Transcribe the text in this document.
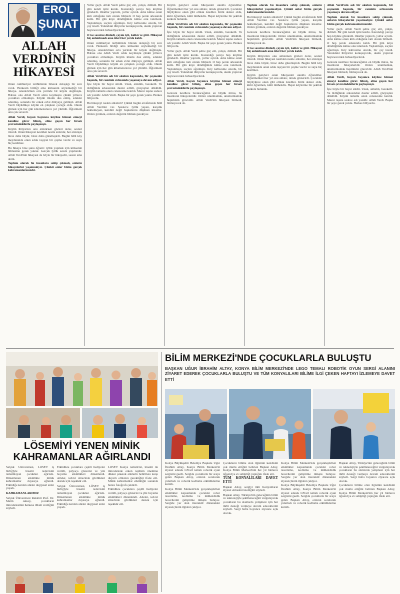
EROL
ŞUNAT
ALLAH VERDİNİN HİKAYESİ

Onun cumhuriyet tarihimizde bilerek dolaştığı bir sırrı vardı. Herkesin bildiği ama kimsenin söylemediği bir hikaye. Anadolu'nun orta yerinde bir köyde doğmuştu. Babası ona Allah Verdi adını koymuştu çünkü yıllarca çocukları olmamıştı. Köyün imamı dua etmiş, adaklar adanmış, sonunda bir erkek evlat dünyaya gelmişti. Allah Verdi büyüdükçe köyün en çalışkan çocuğu oldu. Okula gitmek için her gün kilometrelerce yol yürüdü. Öğretmeni onu çok severdi.

Allah Verdi, hayatı boyunca köyüne hizmet etmeyi kendine görev bilmiş, eline geçen her fırsatı çevresindekilerle paylaşmıştı.

Köyün ihtiyarları onu anlatırken gözleri dolar, sesleri titrerdi. Onun hikayesi nesilden nesile anlatılır, her anlatışta biraz daha büyür, biraz daha güzelleşirdi. Bugün hâlâ köy meydanında onun adını taşıyan bir çeşme vardır ve suyu hiç kesilmez.

Bu hikaye bize şunu öğretir: iyilik yapmak için kimsenin bilmesine gerek yoktur. Gerçek iyilik sessiz yapılandır. Allah Verdi'nin hikayesi de böyle bir hikayedir, sessiz ama derin.

Toplum olarak bu insanlara sahip çıkmalı, onların hikayelerini yaşatmalıyız. Çünkü onlar bizim gerçek kahramanlarımızdır.

Yıllar geçti. Allah Verdi şehre göç etti, çalıştı, didindi. Bir gün kendi işini kurdu. Kazandığı parayı hep köyüne gönderdi. Okullar yaptırdı, yollar açtırdı. Ama kimse onun kim olduğunu tam olarak bilmedi. O hep perde arkasında kaldı. Bir gün köye döndüğünde kimse onu tanımadı. Yaşlanmıştı, saçları ağarmıştı. Köy kahvesine oturdu, bir çay istedi. Yanındaki ihtiyarlar konuşuyordu, okulu yaptıran hayırseverden bahsediyorlardı.

O ise sessizce dinledi, çayını içti, kalktı ve gitti. Hikayesi hiç anlatılmadı ama izleri her yerde kaldı.

Onun cumhuriyet tarihimizde bilerek dolaştığı bir sırrı vardı. Herkesin bildiği ama kimsenin söylemediği bir hikaye. Anadolu'nun orta yerinde bir köyde doğmuştu. Babası ona Allah Verdi adını koymuştu çünkü yıllarca çocukları olmamıştı. Köyün imamı dua etmiş, adaklar adanmış, sonunda bir erkek evlat dünyaya gelmişti. Allah Verdi büyüdükçe köyün en çalışkan çocuğu oldu. Okula gitmek için her gün kilometrelerce yol yürüdü. Öğretmeni onu çok severdi.

Allah Verdi'nin adı bir okulun kapısında, bir çeşmenin başında, bir caminin avlusunda yaşamaya devam ediyor.

İşte böyle bir hayat sürdü. Uzun, anlamlı, bereketli. Ve öldüğünde arkasından dualar edildi, gözyaşları döküldü. Köyün tamamı onun cenazesine katıldı. Mezar taşına sadece adı yazıldı: Allah Verdi. Başka bir şeye gerek yoktu. Herkes biliyordu.

Bu hikayeyi neden anlattım? Çünkü bugün etrafımızda hâlâ Allah Verdiler var. Sessizce iyilik yapan, karşılık beklemeyen, kendini değil başkalarını düşünen insanlar. Onları görmek, onların değerini bilmek gerekiyor.

Köyün gençleri onun hikayesini okulda öğrendiler. Öğretmenleri her yıl onu anlatır, örnek gösterirdi. Çocuklar büyüyünce onun gibi olmak istediler. Kimi doktor oldu, kimi öğretmen, kimi mühendis. Hepsi köylerine bir şekilde katkıda bulundu.

Allah Verdi'nin adı bir okulun kapısında, bir çeşmenin başında, bir caminin avlusunda yaşamaya devam ediyor.

İşte böyle bir hayat sürdü. Uzun, anlamlı, bereketli. Ve öldüğünde arkasından dualar edildi, gözyaşları döküldü. Köyün tamamı onun cenazesine katıldı. Mezar taşına sadece adı yazıldı: Allah Verdi. Başka bir şeye gerek yoktu. Herkes biliyordu.

Yıllar geçti. Allah Verdi şehre göç etti, çalıştı, didindi. Bir gün kendi işini kurdu. Kazandığı parayı hep köyüne gönderdi. Okullar yaptırdı, yollar açtırdı. Ama kimse onun kim olduğunu tam olarak bilmedi. O hep perde arkasında kaldı. Bir gün köye döndüğünde kimse onu tanımadı. Yaşlanmıştı, saçları ağarmıştı. Köy kahvesine oturdu, bir çay istedi. Yanındaki ihtiyarlar konuşuyordu, okulu yaptıran hayırseverden bahsediyorlardı.

Allah Verdi, hayatı boyunca köyüne hizmet etmeyi kendine görev bilmiş, eline geçen her fırsatı çevresindekilerle paylaşmıştı.

Gelecek nesillere bırakacağımız en büyük miras, bu insanların hikayeleridir. Onları unutmamak, unutturmamak hepimizin görevidir. Allah Verdi'nin hikayesi bitmedi, bitmeyecek de.

Toplum olarak bu insanlara sahip çıkmalı, onların hikayelerini yaşatmalıyız. Çünkü onlar bizim gerçek kahramanlarımızdır.

Bu hikayeyi neden anlattım? Çünkü bugün etrafımızda hâlâ Allah Verdiler var. Sessizce iyilik yapan, karşılık beklemeyen, kendini değil başkalarını düşünen insanlar. Onları görmek, onların değerini bilmek gerekiyor.

Gelecek nesillere bırakacağımız en büyük miras, bu insanların hikayeleridir. Onları unutmamak, unutturmamak hepimizin görevidir. Allah Verdi'nin hikayesi bitmedi, bitmeyecek de.

O ise sessizce dinledi, çayını içti, kalktı ve gitti. Hikayesi hiç anlatılmadı ama izleri her yerde kaldı.

Köyün ihtiyarları onu anlatırken gözleri dolar, sesleri titrerdi. Onun hikayesi nesilden nesile anlatılır, her anlatışta biraz daha büyür, biraz daha güzelleşirdi. Bugün hâlâ köy meydanında onun adını taşıyan bir çeşme vardır ve suyu hiç kesilmez.

Köyün gençleri onun hikayesini okulda öğrendiler. Öğretmenleri her yıl onu anlatır, örnek gösterirdi. Çocuklar büyüyünce onun gibi olmak istediler. Kimi doktor oldu, kimi öğretmen, kimi mühendis. Hepsi köylerine bir şekilde katkıda bulundu.

Allah Verdi'nin adı bir okulun kapısında, bir çeşmenin başında, bir caminin avlusunda yaşamaya devam ediyor.

Toplum olarak bu insanlara sahip çıkmalı, onların hikayelerini yaşatmalıyız. Çünkü onlar bizim gerçek kahramanlarımızdır.

Yıllar geçti. Allah Verdi şehre göç etti, çalıştı, didindi. Bir gün kendi işini kurdu. Kazandığı parayı hep köyüne gönderdi. Okullar yaptırdı, yollar açtırdı. Ama kimse onun kim olduğunu tam olarak bilmedi. O hep perde arkasında kaldı. Bir gün köye döndüğünde kimse onu tanımadı. Yaşlanmıştı, saçları ağarmıştı. Köy kahvesine oturdu, bir çay istedi. Yanındaki ihtiyarlar konuşuyordu, okulu yaptıran hayırseverden bahsediyorlardı.

Gelecek nesillere bırakacağımız en büyük miras, bu insanların hikayeleridir. Onları unutmamak, unutturmamak hepimizin görevidir. Allah Verdi'nin hikayesi bitmedi, bitmeyecek de.

Allah Verdi, hayatı boyunca köyüne hizmet etmeyi kendine görev bilmiş, eline geçen her fırsatı çevresindekilerle paylaşmıştı.

İşte böyle bir hayat sürdü. Uzun, anlamlı, bereketli. Ve öldüğünde arkasından dualar edildi, gözyaşları döküldü. Köyün tamamı onun cenazesine katıldı. Mezar taşına sadece adı yazıldı: Allah Verdi. Başka bir şeye gerek yoktu. Herkes biliyordu.

BİLİM MERKEZİ'NDE ÇOCUKLARLA BULUŞTU
BAŞKAN UĞUR İBRAHİM ALTAY, KONYA BİLİM MERKEZİ'NDE LEGO TEMALI ROBOTİK OYUN SERGİ ALANINI ZİYARET EDEREK ÇOCUKLARLA BULUŞTU VE TÜM KONYALILARI BİLİME İLGİ ÇEKEN HAFTAYI İZLEMEYE DAVET ETTİ

Konya Büyükşehir Belediye Başkanı Uğur İbrahim Altay, Konya Bilim Merkezi'ni ziyaret ederek LEGO temalı robotik oyun sergisini gezdi. Sergide çocuklarla bir araya gelen Başkan Altay, onların sorularını yanıtladı ve robotik kodlama etkinliklerine katıldı.

Konya Bilim Merkezi'nde gerçekleştirilen etkinlikler kapsamında çocuklar robot tasarlama, kodlama ve mühendislik becerilerini geliştirme imkanı buluyor. Sergide yer alan interaktif düzenekler ziyaretçilerin ilgisini çekiyor.

Çocukların bilime olan ilgisinin kendisini çok mutlu ettiğini belirten Başkan Altay, Konya Bilim Merkezi'nin her yıl binlerce öğrenciye ev sahipliği yaptığını ifade etti.

TÜM KONYALILARI DAVET ETTİ

Başkan Altay, sergiyi tüm Konyalıların ziyaret etmesini istediğini söyledi.

Başkan Altay, Türkiye'nin geleceğinin bilim ve teknolojiyle şekilleneceğini vurgulayarak çocukların bu alanlarda yetişmesi için her türlü desteği vermeye devam edeceklerini söyledi. Sergi hafta boyunca ziyarete açık olacak.

Konya Bilim Merkezi'nde gerçekleştirilen etkinlikler kapsamında çocuklar robot tasarlama, kodlama ve mühendislik becerilerini geliştirme imkanı buluyor. Sergide yer alan interaktif düzenekler ziyaretçilerin ilgisini çekiyor.

Konya Büyükşehir Belediye Başkanı Uğur İbrahim Altay, Konya Bilim Merkezi'ni ziyaret ederek LEGO temalı robotik oyun sergisini gezdi. Sergide çocuklarla bir araya gelen Başkan Altay, onların sorularını yanıtladı ve robotik kodlama etkinliklerine katıldı.

Başkan Altay, Türkiye'nin geleceğinin bilim ve teknolojiyle şekilleneceğini vurgulayarak çocukların bu alanlarda yetişmesi için her türlü desteği vermeye devam edeceklerini söyledi. Sergi hafta boyunca ziyarete açık olacak.

Çocukların bilime olan ilgisinin kendisini çok mutlu ettiğini belirten Başkan Altay, Konya Bilim Merkezi'nin her yıl binlerce öğrenciye ev sahipliği yaptığını ifade etti.

LÖSEMİYİ YENEN MİNİK KAHRAMANLAR AĞIRLANDI

Selçuk Üniversitesi, LÖSEV iş birliğiyle lösemi tedavisini tamamlayan çocukları ağırladı. Düzenlenen etkinlikte minik kahramanlar doyasıya eğlendi. Etkinliğe katılan aileler duygusal anlar yaşadı.

KAHRAMANLARIMIZ

Selçuk Üniversitesi Rektörü Prof. Dr. Metin Aksoy, çocukların mücadelesinin herkese ilham verdiğini söyledi.

Etkinlikte çocuklara çeşitli hediyeler verildi, palyaço gösterisi ve yüz boyama etkinlikleri düzenlendi. Aileler, tedavi sürecinde gördükleri destek için teşekkür etti.

Selçuk Üniversitesi, LÖSEV iş birliğiyle lösemi tedavisini tamamlayan çocukları ağırladı. Düzenlenen etkinlikte minik kahramanlar doyasıya eğlendi. Etkinliğe katılan aileler duygusal anlar yaşadı.

LÖSEV Konya temsilcisi, lösemi ile mücadelede erken teşhisin önemine dikkat çekerek ailelerin belirtilere karşı duyarlı olmaları gerektiğini ifade etti. Minik kahramanlar etkinliğin sonunda hatıra fotoğrafı çektirdi.

Etkinlikte çocuklara çeşitli hediyeler verildi, palyaço gösterisi ve yüz boyama etkinlikleri düzenlendi. Aileler, tedavi sürecinde gördükleri destek için teşekkür etti.
